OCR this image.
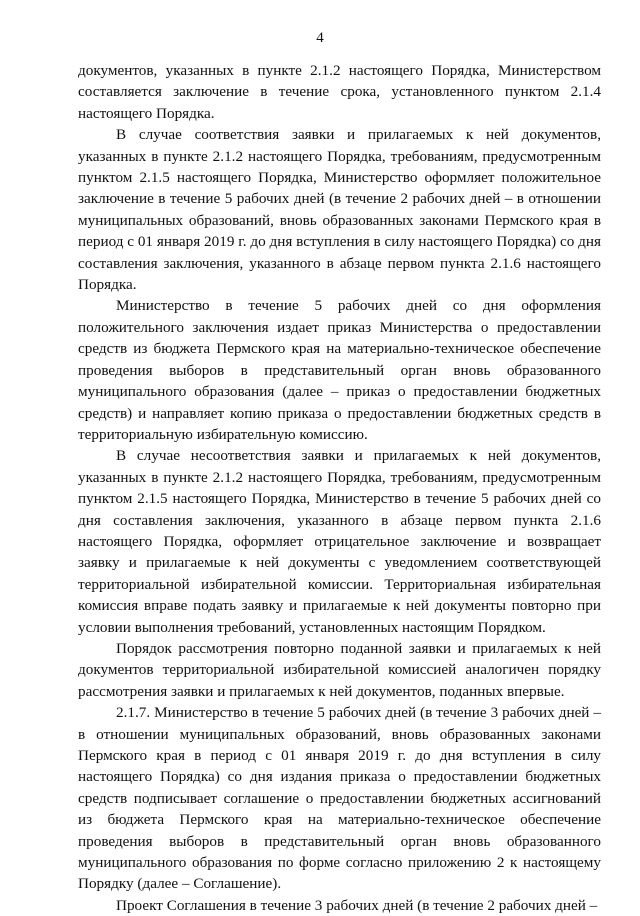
4

документов, указанных в пункте 2.1.2 настоящего Порядка, Министерством составляется заключение в течение срока, установленного пунктом 2.1.4 настоящего Порядка.

В случае соответствия заявки и прилагаемых к ней документов, указанных в пункте 2.1.2 настоящего Порядка, требованиям, предусмотренным пунктом 2.1.5 настоящего Порядка, Министерство оформляет положительное заключение в течение 5 рабочих дней (в течение 2 рабочих дней – в отношении муниципальных образований, вновь образованных законами Пермского края в период с 01 января 2019 г. до дня вступления в силу настоящего Порядка) со дня составления заключения, указанного в абзаце первом пункта 2.1.6 настоящего Порядка.

Министерство в течение 5 рабочих дней со дня оформления положительного заключения издает приказ Министерства о предоставлении средств из бюджета Пермского края на материально-техническое обеспечение проведения выборов в представительный орган вновь образованного муниципального образования (далее – приказ о предоставлении бюджетных средств) и направляет копию приказа о предоставлении бюджетных средств в территориальную избирательную комиссию.

В случае несоответствия заявки и прилагаемых к ней документов, указанных в пункте 2.1.2 настоящего Порядка, требованиям, предусмотренным пунктом 2.1.5 настоящего Порядка, Министерство в течение 5 рабочих дней со дня составления заключения, указанного в абзаце первом пункта 2.1.6 настоящего Порядка, оформляет отрицательное заключение и возвращает заявку и прилагаемые к ней документы с уведомлением соответствующей территориальной избирательной комиссии. Территориальная избирательная комиссия вправе подать заявку и прилагаемые к ней документы повторно при условии выполнения требований, установленных настоящим Порядком.

Порядок рассмотрения повторно поданной заявки и прилагаемых к ней документов территориальной избирательной комиссией аналогичен порядку рассмотрения заявки и прилагаемых к ней документов, поданных впервые.

2.1.7. Министерство в течение 5 рабочих дней (в течение 3 рабочих дней – в отношении муниципальных образований, вновь образованных законами Пермского края в период с 01 января 2019 г. до дня вступления в силу настоящего Порядка) со дня издания приказа о предоставлении бюджетных средств подписывает соглашение о предоставлении бюджетных ассигнований из бюджета Пермского края на материально-техническое обеспечение проведения выборов в представительный орган вновь образованного муниципального образования по форме согласно приложению 2 к настоящему Порядку (далее – Соглашение).

Проект Соглашения в течение 3 рабочих дней (в течение 2 рабочих дней –
